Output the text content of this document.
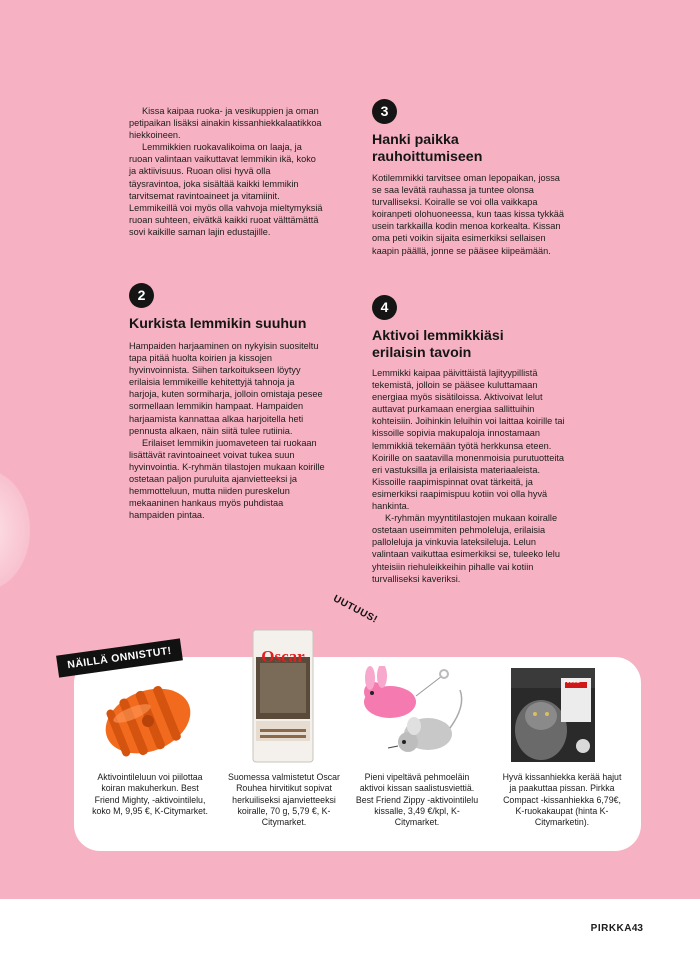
Kissa kaipaa ruoka- ja vesikuppien ja oman petipaikan lisäksi ainakin kissanhiekkalaatikkoa hiekkoineen.

Lemmikkien ruokavalikoima on laaja, ja ruoan valintaan vaikuttavat lemmikin ikä, koko ja aktiivisuus. Ruoan olisi hyvä olla täysravintoa, joka sisältää kaikki lemmikin tarvitsemat ravintoaineet ja vitamiinit. Lemmikeillä voi myös olla vahvoja mieltymyksiä ruoan suhteen, eivätkä kaikki ruoat välttämättä sovi kaikille saman lajin edustajille.

2
Kurkista lemmikin suuhun

Hampaiden harjaaminen on nykyisin suositeltu tapa pitää huolta koirien ja kissojen hyvinvoinnista. Siihen tarkoitukseen löytyy erilaisia lemmikeille kehitettyjä tahnoja ja harjoja, kuten sormiharja, jolloin omistaja pesee sormellaan lemmikin hampaat. Hampaiden harjaamista kannattaa alkaa harjoitella heti pennusta alkaen, näin siitä tulee rutiinia.

Erilaiset lemmikin juomaveteen tai ruokaan lisättävät ravintoaineet voivat tukea suun hyvinvointia. K-ryhmän tilastojen mukaan koirille ostetaan paljon puruluita ajanvietteeksi ja hemmotteluun, mutta niiden pureskelun mekaaninen hankaus myös puhdistaa hampaiden pintaa.

3
Hanki paikka rauhoittumiseen

Kotilemmikki tarvitsee oman lepopaikan, jossa se saa levätä rauhassa ja tuntee olonsa turvalliseksi. Koiralle se voi olla vaikkapa koiranpeti olohuoneessa, kun taas kissa tykkää usein tarkkailla kodin menoa korkealta. Kissan oma peti voikin sijaita esimerkiksi sellaisen kaapin päällä, jonne se pääsee kiipeämään.

4
Aktivoi lemmikkiäsi erilaisin tavoin

Lemmikki kaipaa päivittäistä lajityypillistä tekemistä, jolloin se pääsee kuluttamaan energiaa myös sisätiloissa. Aktivoivat lelut auttavat purkamaan energiaa sallittuihin kohteisiin. Joihinkin leluihin voi laittaa koirille tai kissoille sopivia makupaloja innostamaan lemmikkiä tekemään työtä herkkunsa eteen. Koirille on saatavilla monenmoisia purutuotteita eri vastuksilla ja erilaisista materiaaleista. Kissoille raapimispinnat ovat tärkeitä, ja esimerkiksi raapimispuu kotiin voi olla hyvä hankinta.

K-ryhmän myyntitilastojen mukaan koiralle ostetaan useimmiten pehmoleluja, erilaisia palloleluja ja vinkuvia lateksileluja. Lelun valintaan vaikuttaa esimerkiksi se, tuleeko lelu yhteisiin riehuleikkeihin pihalle vai kotiin turvalliseksi kaveriksi.

NÄILLÄ ONNISTUT!
UUTUUS!
Aktivointileluun voi piilottaa koiran makuherkun. Best Friend Mighty, -aktivointilelu, koko M, 9,95 €, K-Citymarket.
Oscar
Suomessa valmistetut Oscar Rouhea hirvitikut sopivat herkuiliseksi ajanvietteeksi koiralle, 70 g, 5,79 €, K-Citymarket.
Pieni vipeltävä pehmoeläin aktivoi kissan saalistusviettiä. Best Friend Zippy -aktivointilelu kissalle, 3,49 €/kpl, K-Citymarket.
PIRKKA
Hyvä kissanhiekka kerää hajut ja paakuttaa pissan. Pirkka Compact -kissanhiekka 6,79€, K-ruokakaupat (hinta K-Citymarketin).
PIRKKA 43
